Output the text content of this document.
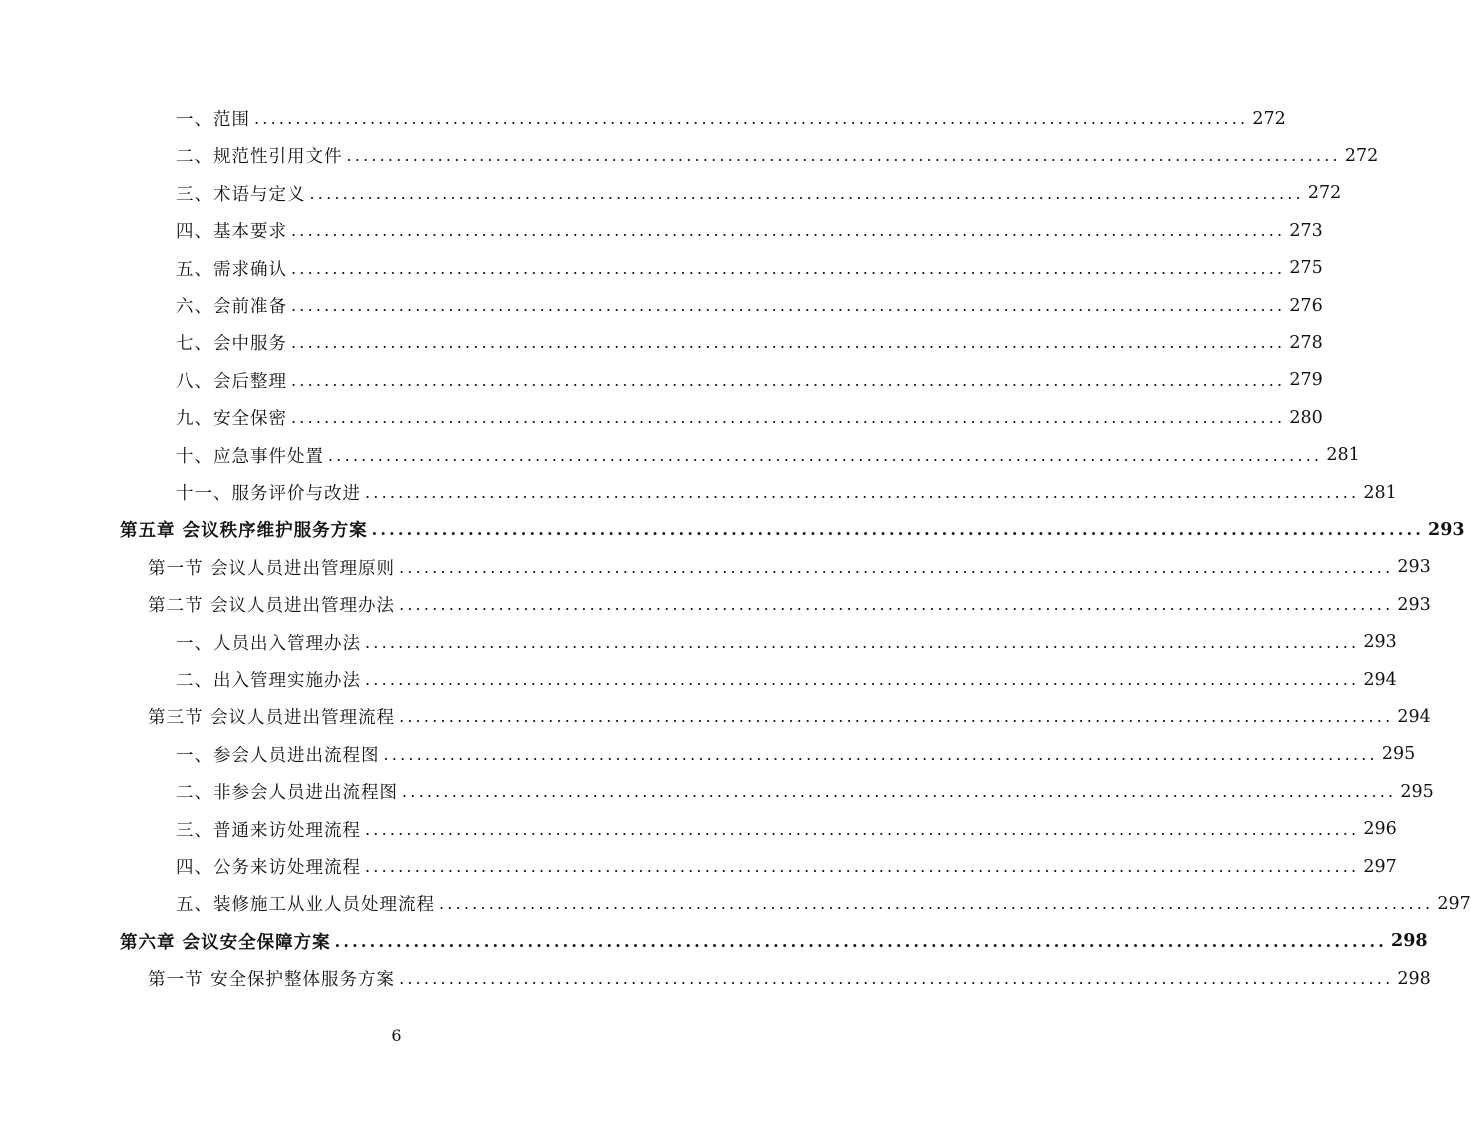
一、范围 ........................................................................................................................ 272
二、规范性引用文件 ........................................................................................................................ 272
三、术语与定义 ........................................................................................................................ 272
四、基本要求 ........................................................................................................................ 273
五、需求确认 ........................................................................................................................ 275
六、会前准备 ........................................................................................................................ 276
七、会中服务 ........................................................................................................................ 278
八、会后整理 ........................................................................................................................ 279
九、安全保密 ........................................................................................................................ 280
十、应急事件处置 ........................................................................................................................ 281
十一、服务评价与改进 ........................................................................................................................ 281
第五章 会议秩序维护服务方案 ........................................................................................................................ 293
第一节 会议人员进出管理原则 ........................................................................................................................ 293
第二节 会议人员进出管理办法 ........................................................................................................................ 293
一、人员出入管理办法 ........................................................................................................................ 293
二、出入管理实施办法 ........................................................................................................................ 294
第三节 会议人员进出管理流程 ........................................................................................................................ 294
一、参会人员进出流程图 ........................................................................................................................ 295
二、非参会人员进出流程图 ........................................................................................................................ 295
三、普通来访处理流程 ........................................................................................................................ 296
四、公务来访处理流程 ........................................................................................................................ 297
五、装修施工从业人员处理流程 ........................................................................................................................ 297
第六章 会议安全保障方案 ........................................................................................................................ 298
第一节 安全保护整体服务方案 ........................................................................................................................ 298
6
